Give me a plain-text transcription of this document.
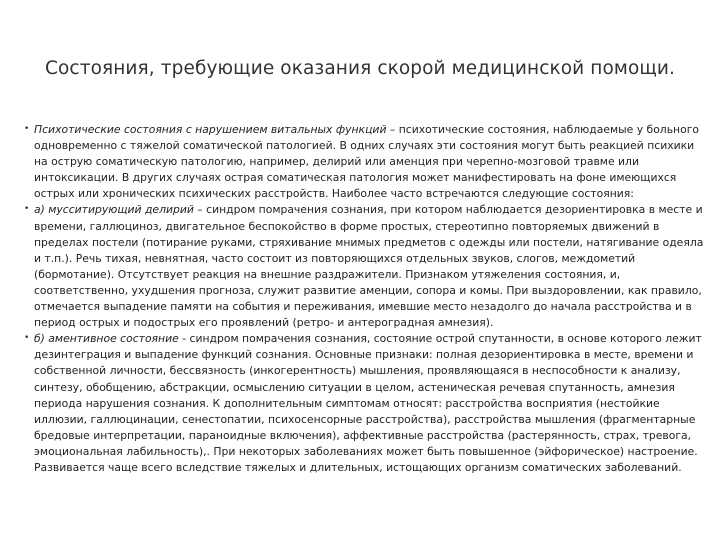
Состояния, требующие оказания скорой медицинской помощи.
• Психотические состояния с нарушением витальных функций – психотические состояния, наблюдаемые у больного одновременно с тяжелой соматической патологией. В одних случаях эти состояния могут быть реакцией психики на острую соматическую патологию, например, делирий или аменция при черепно-мозговой травме или интоксикации. В других случаях острая соматическая патология может манифестировать на фоне имеющихся острых или хронических психических расстройств. Наиболее часто встречаются следующие состояния:
• а) мусситирующий делирий – синдром помрачения сознания, при котором наблюдается дезориентировка в месте и времени, галлюциноз, двигательное беспокойство в форме простых, стереотипно повторяемых движений в пределах постели (потирание руками, стряхивание мнимых предметов с одежды или постели, натягивание одеяла и т.п.). Речь тихая, невнятная, часто состоит из повторяющихся отдельных звуков, слогов, междометий (бормотание). Отсутствует реакция на внешние раздражители. Признаком утяжеления состояния, и, соответственно, ухудшения прогноза, служит развитие аменции, сопора и комы. При выздоровлении, как правило, отмечается выпадение памяти на события и переживания, имевшие место незадолго до начала расстройства и в период острых и подострых его проявлений (ретро- и антероградная амнезия).
• б) аментивное состояние - синдром помрачения сознания, состояние острой спутанности, в основе которого лежит дезинтеграция и выпадение функций сознания. Основные признаки: полная дезориентировка в месте, времени и собственной личности, бессвязность (инкогерентность) мышления, проявляющаяся в неспособности к анализу, синтезу, обобщению, абстракции, осмыслению ситуации в целом, астеническая речевая спутанность, амнезия периода нарушения сознания. К дополнительным симптомам относят: расстройства восприятия (нестойкие иллюзии, галлюцинации, сенестопатии, психосенсорные расстройства), расстройства мышления (фрагментарные бредовые интерпретации, параноидные включения), аффективные расстройства (растерянность, страх, тревога, эмоциональная лабильность),. При некоторых заболеваниях может быть повышенное (эйфорическое) настроение. Развивается чаще всего вследствие тяжелых и длительных, истощающих организм соматических заболеваний.
